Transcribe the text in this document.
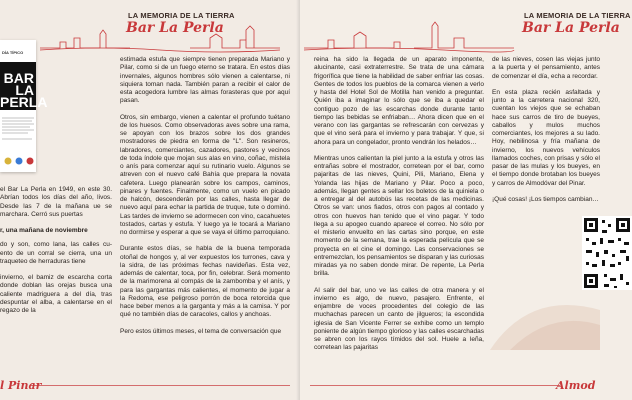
LA MEMORIA DE LA TIERRA
Bar La Perla
DÍA TÍPICO
BAR LA PERLA

el Bar La Perla en 1949, en este 30. Abrían todos los días del año, livos. Desde las 7 de la mañana ue se marchara. Cerró sus puertas

r, una mañana de noviembre

do y son, como lana, las calles cu- ento de un corral se cierra, una un traqueteo de herraduras tiene

invierno, el bamiz de escarcha corta donde doblan las orejas busca una caliente madriguera a del día, tras despuntar el alba, a calentarse en el regazo de la

estimada estufa que siempre tienen preparada Mariano y Pilar, como si de un fuego eterno se tratara. En estos días invernales, algunos hombres sólo vienen a calentarse, ni siquiera toman nada. También paran a recibir el calor de esta acogedora lumbre las almas forasteras que por aquí pasan.

Otros, sin embargo, vienen a calentar el profundo tuétano de los huesos. Como observadoras aves sobre una rama, se apoyan con los brazos sobre los dos grandes mostradores de piedra en forma de "L". Son resineros, labradores, comerciantes, cazadores, pastores y vecinos de toda índole que mojan sus alas en vino, coñac, mistela o anís para comenzar aquí su rutinario vuelo. Algunos se atreven con el nuevo café Bahía que prepara la novata cafetera. Luego planearán sobre los campos, caminos, pinares y fuentes. Finalmente, como un vuelo en picado de halcón, descenderán por las calles, hasta llegar de nuevo aquí para echar la partida de truque, tute o dominó. Las tardes de invierno se adormecen con vino, cacahuetes tostados, cartas y estufa. Y luego ya le tocará a Mariano no dormirse y esperar a que se vaya el último parroquiano.

Durante estos días, se habla de la buena temporada otoñal de hongos y, al ver expuestos los turrones, cava y la sidra, de las próximas fechas navideñas. Esta vez, además de calentar, toca, por fin, celebrar. Será momento de la marimorena al compás de la zambomba y el anís, y para las gargantas más calientes, el momento de jugar a la Redoma, ese peligroso porrón de boca retorcida que hace beber menos a la garganta y más a la camisa. Y por qué no también días de caracoles, callos y anchoas.

Pero estos últimos meses, el tema de conversación que

l Pinar
LA MEMORIA DE LA TIERRA
Bar La Perla

reina ha sido la llegada de un aparato imponente, alucinante, casi extraterrestre. Se trata de una cámara frigorífica que tiene la habilidad de saber enfriar las cosas. Gentes de todos los pueblos de la comarca vienen a verlo y hasta del Hotel Sol de Motilla han venido a preguntar. Quién iba a imaginar lo sólo que se iba a quedar el contiguo pozo de las escarchas donde durante tanto tiempo las bebidas se enfriaban… Ahora dicen que en el verano con las gargantas se refrescarán con cervezas y que el vino será para el invierno y para trabajar. Y que, si ahora para un congelador, pronto vendrán los helados…

Mientras unos calientan la piel junto a la estufa y otros las entrañas sobre el mostrador, corretean por el bar, como pajaritas de las nieves, Quini, Pili, Mariano, Elena y Yolanda las hijas de Mariano y Pilar. Poco a poco, además, llegan gentes a sellar los boletos de la quiniela o a entregar al del autobús las recetas de las medicinas. Otros se van: unos fiados, otros con pagos al contado y otros con huevos han tenido que el vino pagar. Y todo llega a su apogeo cuando aparece el correo. No sólo por el misterio envuelto en las cartas sino porque, en este momento de la semana, trae la esperada película que se proyecta en el cine el domingo. Las conservaciones se entremezclan, los pensamientos se disparan y las curiosas miradas ya no saben donde mirar. De repente, La Perla brilla.

Al salir del bar, uno ve las calles de otra manera y el invierno es algo, de nuevo, pasajero. Enfrente, el enjambre de voces procedentes del colegio de las muchachas parecen un canto de jilgueros; la escondida iglesia de San Vicente Ferrer se exhibe como un templo poniente de algún tiempo glorioso y las calles escarchadas se abren con los rayos tímidos del sol. Huele a leña, corretean las pajaritas

de las nieves, cosen las viejas junto a la puerta y el pensamiento, antes de comenzar el día, echa a recordar.

En esta plaza recién asfaltada y junto a la carretera nacional 320, cuentan los viejos que se echaban hace sus carros de tiro de bueyes, caballos y mulos muchos comerciantes, los mejores a su lado. Hoy, nebilinosa y fría mañana de invierno, los nuevos vehículos llamados coches, con prisas y sólo el pasar de las mulas y los bueyes, en el tiempo donde brotaban los bueyes y carros de Almodóvar del Pinar.

¡Qué cosas! ¡Los tiempos cambian…

Almod
